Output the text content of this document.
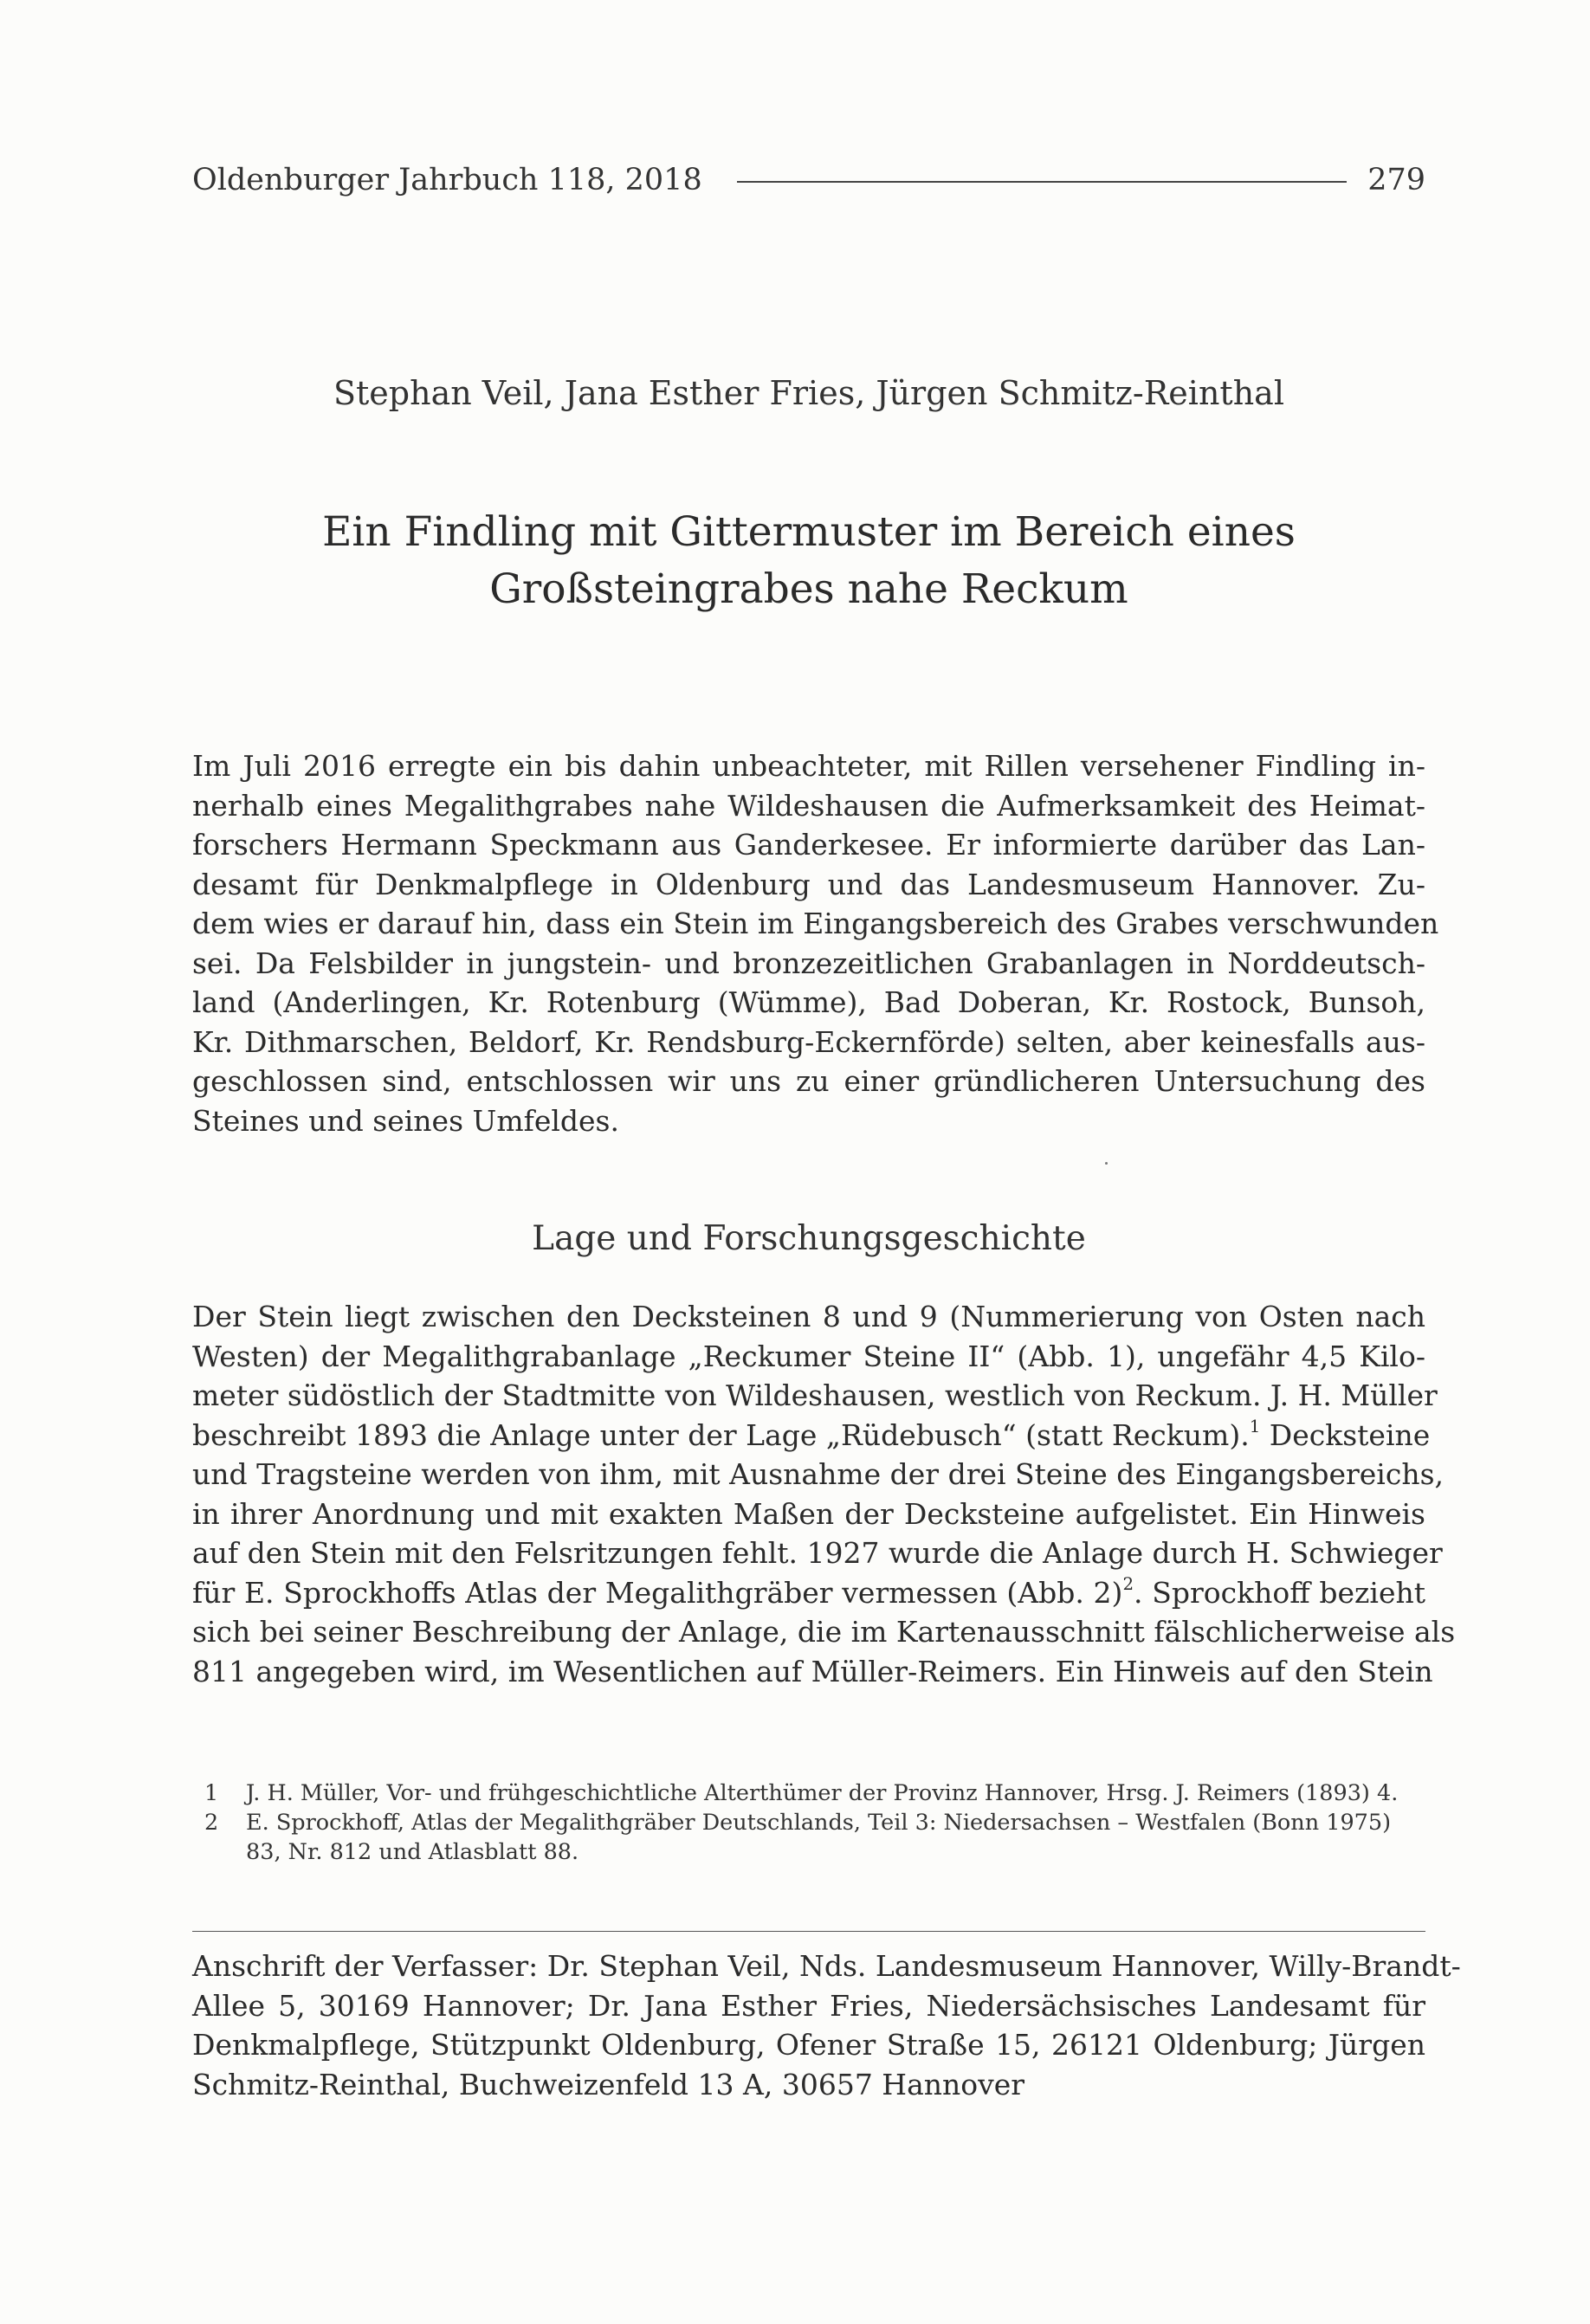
Oldenburger Jahrbuch 118, 2018	279
Stephan Veil, Jana Esther Fries, Jürgen Schmitz-Reinthal
Ein Findling mit Gittermuster im Bereich eines
Großsteingrabes nahe Reckum

Im Juli 2016 erregte ein bis dahin unbeachteter, mit Rillen versehener Findling in-
nerhalb eines Megalithgrabes nahe Wildeshausen die Aufmerksamkeit des Heimat-
forschers Hermann Speckmann aus Ganderkesee. Er informierte darüber das Lan-
desamt für Denkmalpflege in Oldenburg und das Landesmuseum Hannover. Zu-
dem wies er darauf hin, dass ein Stein im Eingangsbereich des Grabes verschwunden
sei. Da Felsbilder in jungstein- und bronzezeitlichen Grabanlagen in Norddeutsch-
land (Anderlingen, Kr. Rotenburg (Wümme), Bad Doberan, Kr. Rostock, Bunsoh,
Kr. Dithmarschen, Beldorf, Kr. Rendsburg-Eckernförde) selten, aber keinesfalls aus-
geschlossen sind, entschlossen wir uns zu einer gründlicheren Untersuchung des
Steines und seines Umfeldes.

Lage und Forschungsgeschichte

Der Stein liegt zwischen den Decksteinen 8 und 9 (Nummerierung von Osten nach
Westen) der Megalithgrabanlage „Reckumer Steine II“ (Abb. 1), ungefähr 4,5 Kilo-
meter südöstlich der Stadtmitte von Wildeshausen, westlich von Reckum. J. H. Müller
beschreibt 1893 die Anlage unter der Lage „Rüdebusch“ (statt Reckum).$^1$ Decksteine
und Tragsteine werden von ihm, mit Ausnahme der drei Steine des Eingangsbereichs,
in ihrer Anordnung und mit exakten Maßen der Decksteine aufgelistet. Ein Hinweis
auf den Stein mit den Felsritzungen fehlt. 1927 wurde die Anlage durch H. Schwieger
für E. Sprockhoffs Atlas der Megalithgräber vermessen (Abb. 2)$^2$. Sprockhoff bezieht
sich bei seiner Beschreibung der Anlage, die im Kartenausschnitt fälschlicherweise als
811 angegeben wird, im Wesentlichen auf Müller-Reimers. Ein Hinweis auf den Stein

1	J. H. Müller, Vor- und frühgeschichtliche Alterthümer der Provinz Hannover, Hrsg. J. Reimers (1893) 4.
2	E. Sprockhoff, Atlas der Megalithgräber Deutschlands, Teil 3: Niedersachsen – Westfalen (Bonn 1975) 83, Nr. 812 und Atlasblatt 88.

Anschrift der Verfasser: Dr. Stephan Veil, Nds. Landesmuseum Hannover, Willy-Brandt-
Allee 5, 30169 Hannover; Dr. Jana Esther Fries, Niedersächsisches Landesamt für
Denkmalpflege, Stützpunkt Oldenburg, Ofener Straße 15, 26121 Oldenburg; Jürgen
Schmitz-Reinthal, Buchweizenfeld 13 A, 30657 Hannover
